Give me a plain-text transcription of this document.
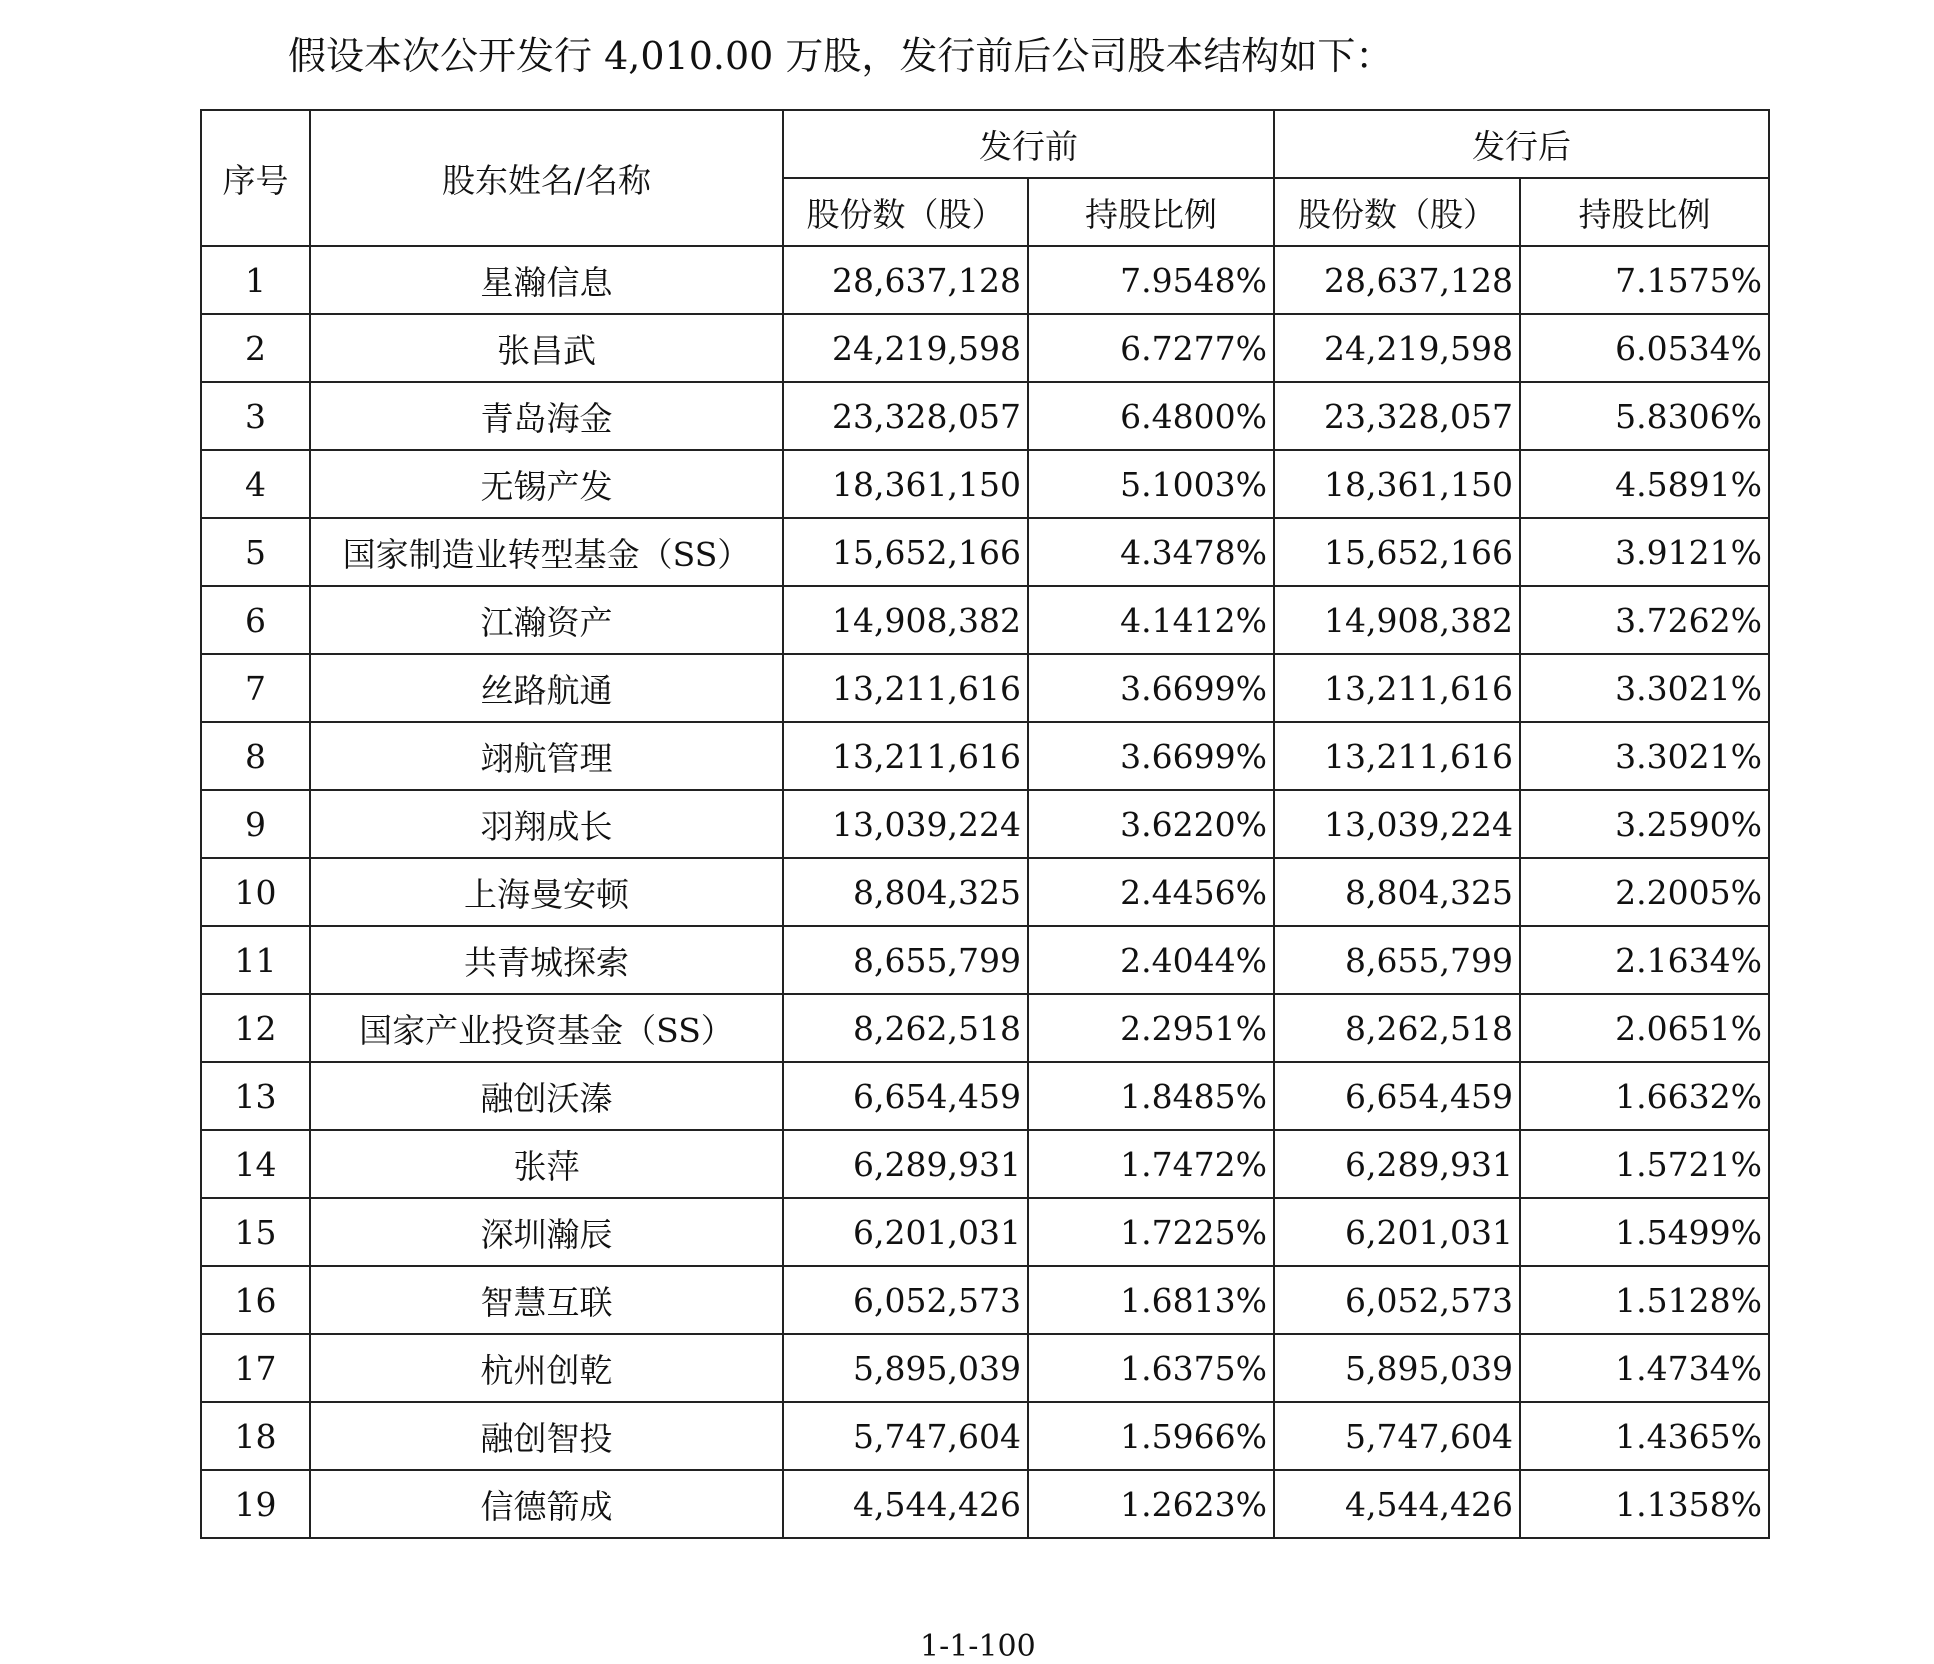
假设本次公开发行 4,010.00 万股，发行前后公司股本结构如下：
序号	股东姓名/名称	发行前		发行后	
		股份数（股）	持股比例	股份数（股）	持股比例
1	星瀚信息	28,637,128	7.9548%	28,637,128	7.1575%
2	张昌武	24,219,598	6.7277%	24,219,598	6.0534%
3	青岛海金	23,328,057	6.4800%	23,328,057	5.8306%
4	无锡产发	18,361,150	5.1003%	18,361,150	4.5891%
5	国家制造业转型基金（SS）	15,652,166	4.3478%	15,652,166	3.9121%
6	江瀚资产	14,908,382	4.1412%	14,908,382	3.7262%
7	丝路航通	13,211,616	3.6699%	13,211,616	3.3021%
8	翊航管理	13,211,616	3.6699%	13,211,616	3.3021%
9	羽翔成长	13,039,224	3.6220%	13,039,224	3.2590%
10	上海曼安顿	8,804,325	2.4456%	8,804,325	2.2005%
11	共青城探索	8,655,799	2.4044%	8,655,799	2.1634%
12	国家产业投资基金（SS）	8,262,518	2.2951%	8,262,518	2.0651%
13	融创沃溱	6,654,459	1.8485%	6,654,459	1.6632%
14	张萍	6,289,931	1.7472%	6,289,931	1.5721%
15	深圳瀚辰	6,201,031	1.7225%	6,201,031	1.5499%
16	智慧互联	6,052,573	1.6813%	6,052,573	1.5128%
17	杭州创乾	5,895,039	1.6375%	5,895,039	1.4734%
18	融创智投	5,747,604	1.5966%	5,747,604	1.4365%
19	信德箭成	4,544,426	1.2623%	4,544,426	1.1358%
1-1-100
